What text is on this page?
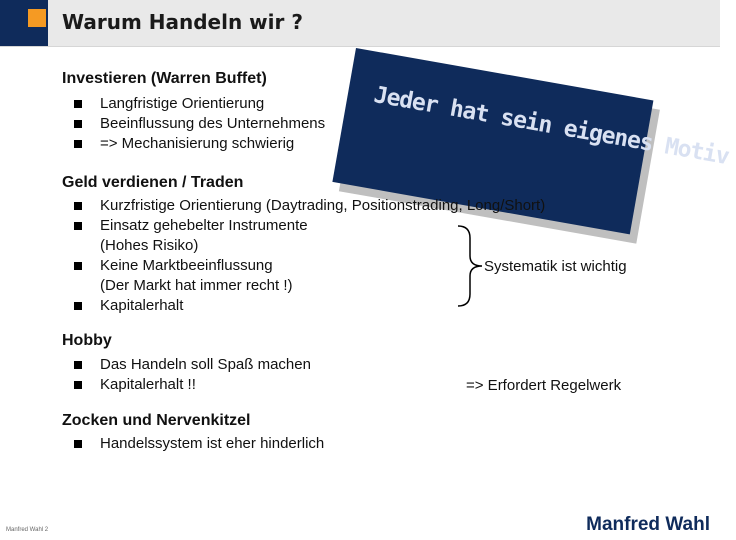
Warum Handeln wir ?
Jeder hat sein eigenes Motiv
Investieren (Warren Buffet)
Langfristige Orientierung
Beeinflussung des Unternehmens
=> Mechanisierung schwierig
Geld verdienen / Traden
Kurzfristige Orientierung (Daytrading, Positionstrading, Long/Short)
Einsatz gehebelter Instrumente
(Hohes Risiko)
Keine Marktbeeinflussung
(Der Markt hat immer recht !)
Kapitalerhalt
Systematik ist wichtig
Hobby
Das Handeln soll Spaß machen
Kapitalerhalt !!	=> Erfordert Regelwerk
Zocken und Nervenkitzel
Handelssystem ist eher hinderlich
Manfred Wahl 2	Manfred Wahl
